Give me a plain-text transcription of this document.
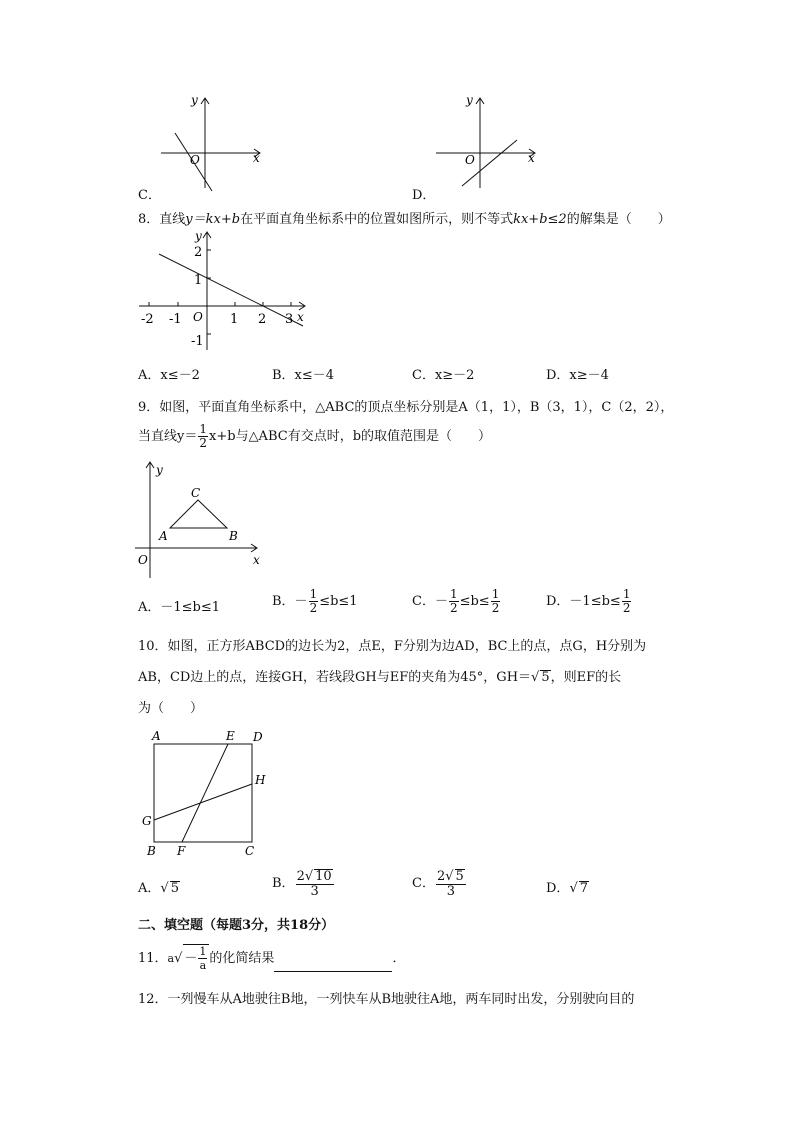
y
x
O
C．
y
x
O
D．
8．直线y＝kx+b在平面直角坐标系中的位置如图所示，则不等式kx+b≤2的解集是（　　）
-2 -1 O 1 2 3 x
y
2
1
-1
A．x≤－2	B．x≤－4	C．x≥－2	D．x≥－4
9．如图，平面直角坐标系中，△ABC的顶点坐标分别是A（1，1），B（3，1），C（2，2），
当直线$y= \frac{1}{2} x+b$与△ABC有交点时，b的取值范围是（　　）
y
C
A	B
O	x
A．－1≤b≤1	B．－ $\frac{1}{2} \le b\le 1$	C．－ $\frac{1}{2} \le b\le \frac{1}{2}$	D．$-1\le b\le \frac{1}{2}$
10．如图，正方形ABCD的边长为2，点E，F分别为边AD，BC上的点，点G，H分别为
AB，CD边上的点，连接GH，若线段GH与EF的夹角为45°，GH＝√ 5，则EF的长
为（　　）
A	E D
H
G
B F	C
A．√ 5	B． $\frac{2√ 10}{3}$	C． $\frac{2√ 5}{3}$	D．√ 7
二、填空题（每题3分，共18分）
11．$a√ - \frac{1}{a}$ 的化简结果	．
12．一列慢车从A地驶往B地，一列快车从B地驶往A地，两车同时出发，分别驶向目的
